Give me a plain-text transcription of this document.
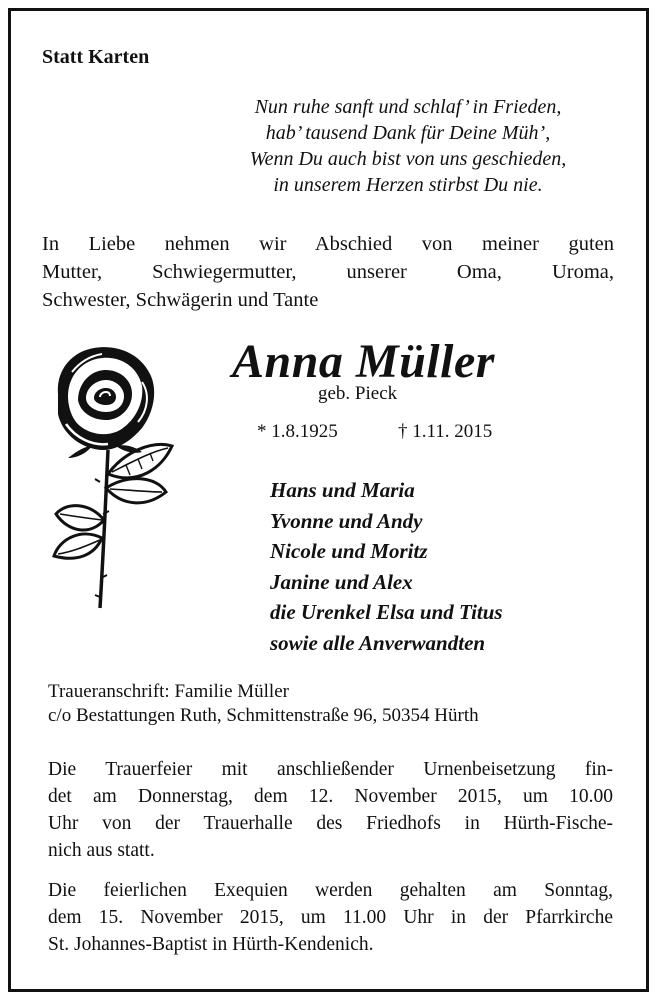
Statt Karten
Nun ruhe sanft und schlaf’ in Frieden,
hab’ tausend Dank für Deine Müh’,
Wenn Du auch bist von uns geschieden,
in unserem Herzen stirbst Du nie.
In Liebe nehmen wir Abschied von meiner guten
Mutter, Schwiegermutter, unserer Oma, Uroma,
Schwester, Schwägerin und Tante
Anna Müller
geb. Pieck
* 1.8.1925	† 1.11. 2015
Hans und Maria
Yvonne und Andy
Nicole und Moritz
Janine und Alex
die Urenkel Elsa und Titus
sowie alle Anverwandten
Traueranschrift: Familie Müller
c/o Bestattungen Ruth, Schmittenstraße 96, 50354 Hürth
Die Trauerfeier mit anschließender Urnenbeisetzung fin-
det am Donnerstag, dem 12. November 2015, um 10.00
Uhr von der Trauerhalle des Friedhofs in Hürth-Fische-
nich aus statt.
Die feierlichen Exequien werden gehalten am Sonntag,
dem 15. November 2015, um 11.00 Uhr in der Pfarrkirche
St. Johannes-Baptist in Hürth-Kendenich.
